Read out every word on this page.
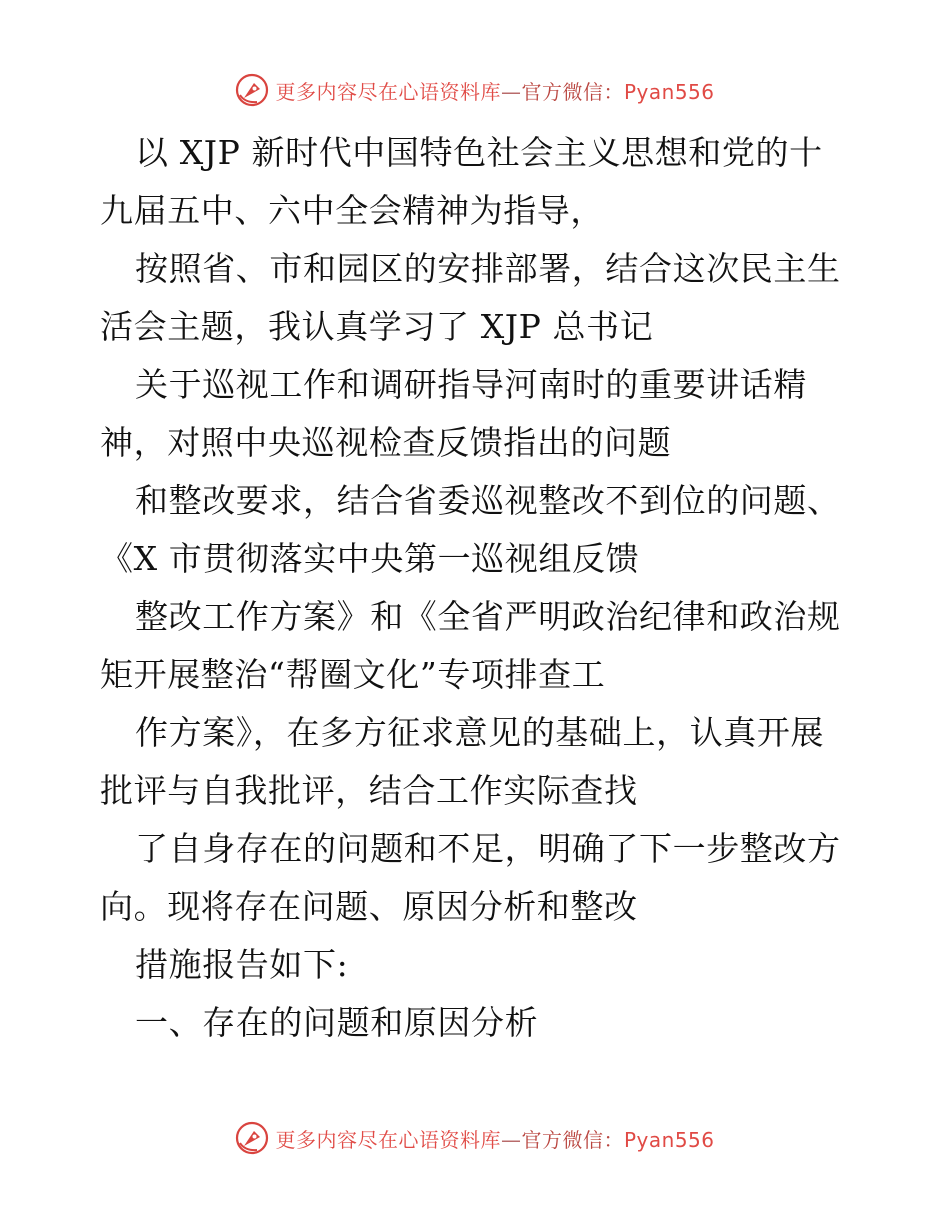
更多内容尽在心语资料库—官方微信：Pyan556
以 XJP 新时代中国特色社会主义思想和党的十
九届五中、六中全会精神为指导，
按照省、市和园区的安排部署，结合这次民主生
活会主题，我认真学习了 XJP 总书记
关于巡视工作和调研指导河南时的重要讲话精
神，对照中央巡视检查反馈指出的问题
和整改要求，结合省委巡视整改不到位的问题、
《X 市贯彻落实中央第一巡视组反馈
整改工作方案》和《全省严明政治纪律和政治规
矩开展整治“帮圈文化”专项排查工
作方案》，在多方征求意见的基础上，认真开展
批评与自我批评，结合工作实际查找
了自身存在的问题和不足，明确了下一步整改方
向。现将存在问题、原因分析和整改
措施报告如下:
一、存在的问题和原因分析
更多内容尽在心语资料库—官方微信：Pyan556
